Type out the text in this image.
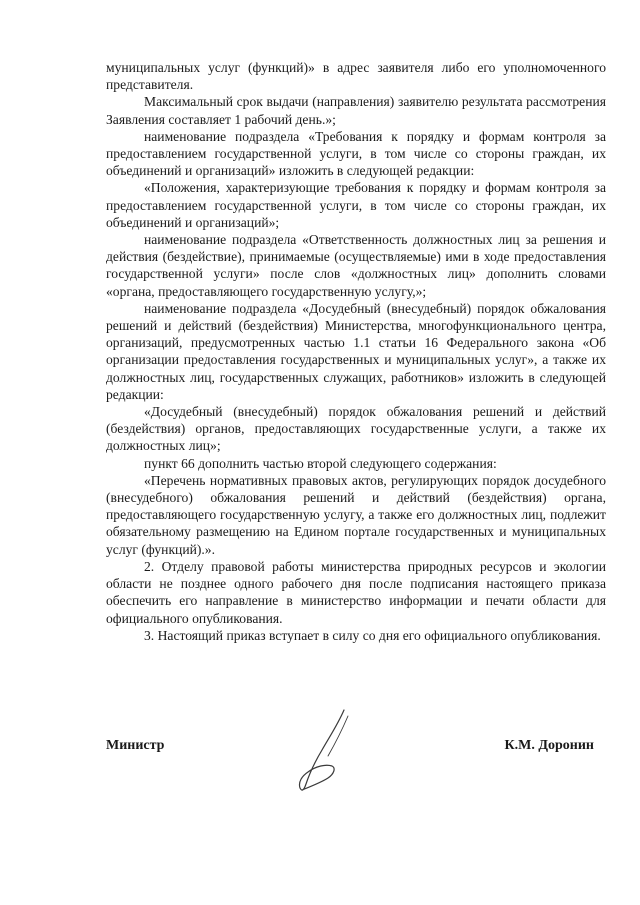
муниципальных услуг (функций)» в адрес заявителя либо его уполномоченного представителя.

Максимальный срок выдачи (направления) заявителю результата рассмотрения Заявления составляет 1 рабочий день.»;

наименование подраздела «Требования к порядку и формам контроля за предоставлением государственной услуги, в том числе со стороны граждан, их объединений и организаций» изложить в следующей редакции:

«Положения, характеризующие требования к порядку и формам контроля за предоставлением государственной услуги, в том числе со стороны граждан, их объединений и организаций»;

наименование подраздела «Ответственность должностных лиц за решения и действия (бездействие), принимаемые (осуществляемые) ими в ходе предоставления государственной услуги» после слов «должностных лиц» дополнить словами «органа, предоставляющего государственную услугу,»;

наименование подраздела «Досудебный (внесудебный) порядок обжалования решений и действий (бездействия) Министерства, многофункционального центра, организаций, предусмотренных частью 1.1 статьи 16 Федерального закона «Об организации предоставления государственных и муниципальных услуг», а также их должностных лиц, государственных служащих, работников» изложить в следующей редакции:

«Досудебный (внесудебный) порядок обжалования решений и действий (бездействия) органов, предоставляющих государственные услуги, а также их должностных лиц»;

пункт 66 дополнить частью второй следующего содержания:

«Перечень нормативных правовых актов, регулирующих порядок досудебного (внесудебного) обжалования решений и действий (бездействия) органа, предоставляющего государственную услугу, а также его должностных лиц, подлежит обязательному размещению на Едином портале государственных и муниципальных услуг (функций).».

2. Отделу правовой работы министерства природных ресурсов и экологии области не позднее одного рабочего дня после подписания настоящего приказа обеспечить его направление в министерство информации и печати области для официального опубликования.

3. Настоящий приказ вступает в силу со дня его официального опубликования.

Министр	К.М. Доронин
